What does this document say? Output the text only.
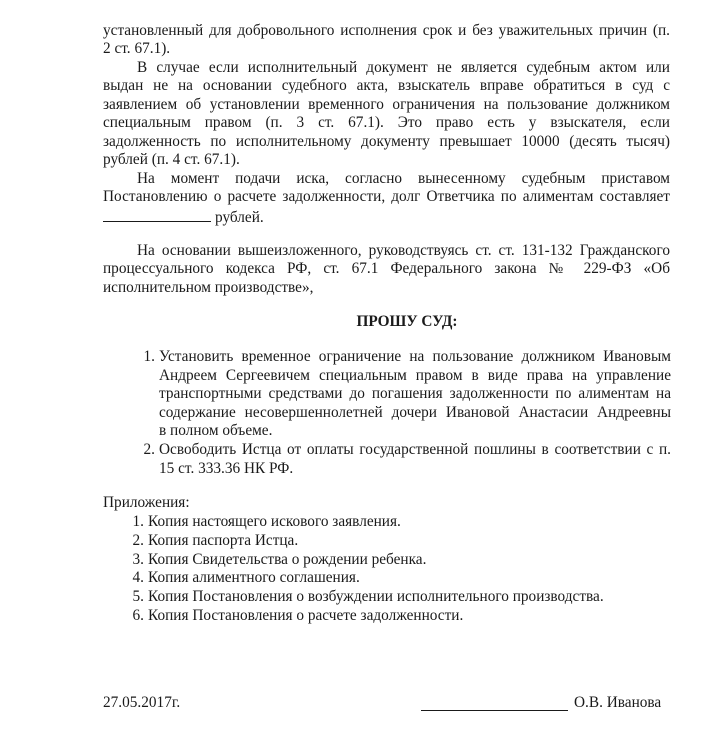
установленный для добровольного исполнения срок и без уважительных причин (п.
2 ст. 67.1).
В случае если исполнительный документ не является судебным актом или
выдан не на основании судебного акта, взыскатель вправе обратиться в суд с
заявлением об установлении временного ограничения на пользование должником
специальным правом (п. 3 ст. 67.1). Это право есть у взыскателя, если
задолженность по исполнительному документу превышает 10000 (десять тысяч)
рублей (п. 4 ст. 67.1).
На момент подачи иска, согласно вынесенному судебным приставом
Постановлению о расчете задолженности, долг Ответчика по алиментам составляет
рублей.
На основании вышеизложенного, руководствуясь ст. ст. 131-132 Гражданского
процессуального кодекса РФ, ст. 67.1 Федерального закона № 229-ФЗ «Об
исполнительном производстве»,
ПРОШУ СУД:
1. Установить временное ограничение на пользование должником Ивановым
Андреем Сергеевичем специальным правом в виде права на управление
транспортными средствами до погашения задолженности по алиментам на
содержание несовершеннолетней дочери Ивановой Анастасии Андреевны
в полном объеме.
2. Освободить Истца от оплаты государственной пошлины в соответствии с п.
15 ст. 333.36 НК РФ.
Приложения:
1. Копия настоящего искового заявления.
2. Копия паспорта Истца.
3. Копия Свидетельства о рождении ребенка.
4. Копия алиментного соглашения.
5. Копия Постановления о возбуждении исполнительного производства.
6. Копия Постановления о расчете задолженности.
27.05.2017г.	О.В. Иванова
